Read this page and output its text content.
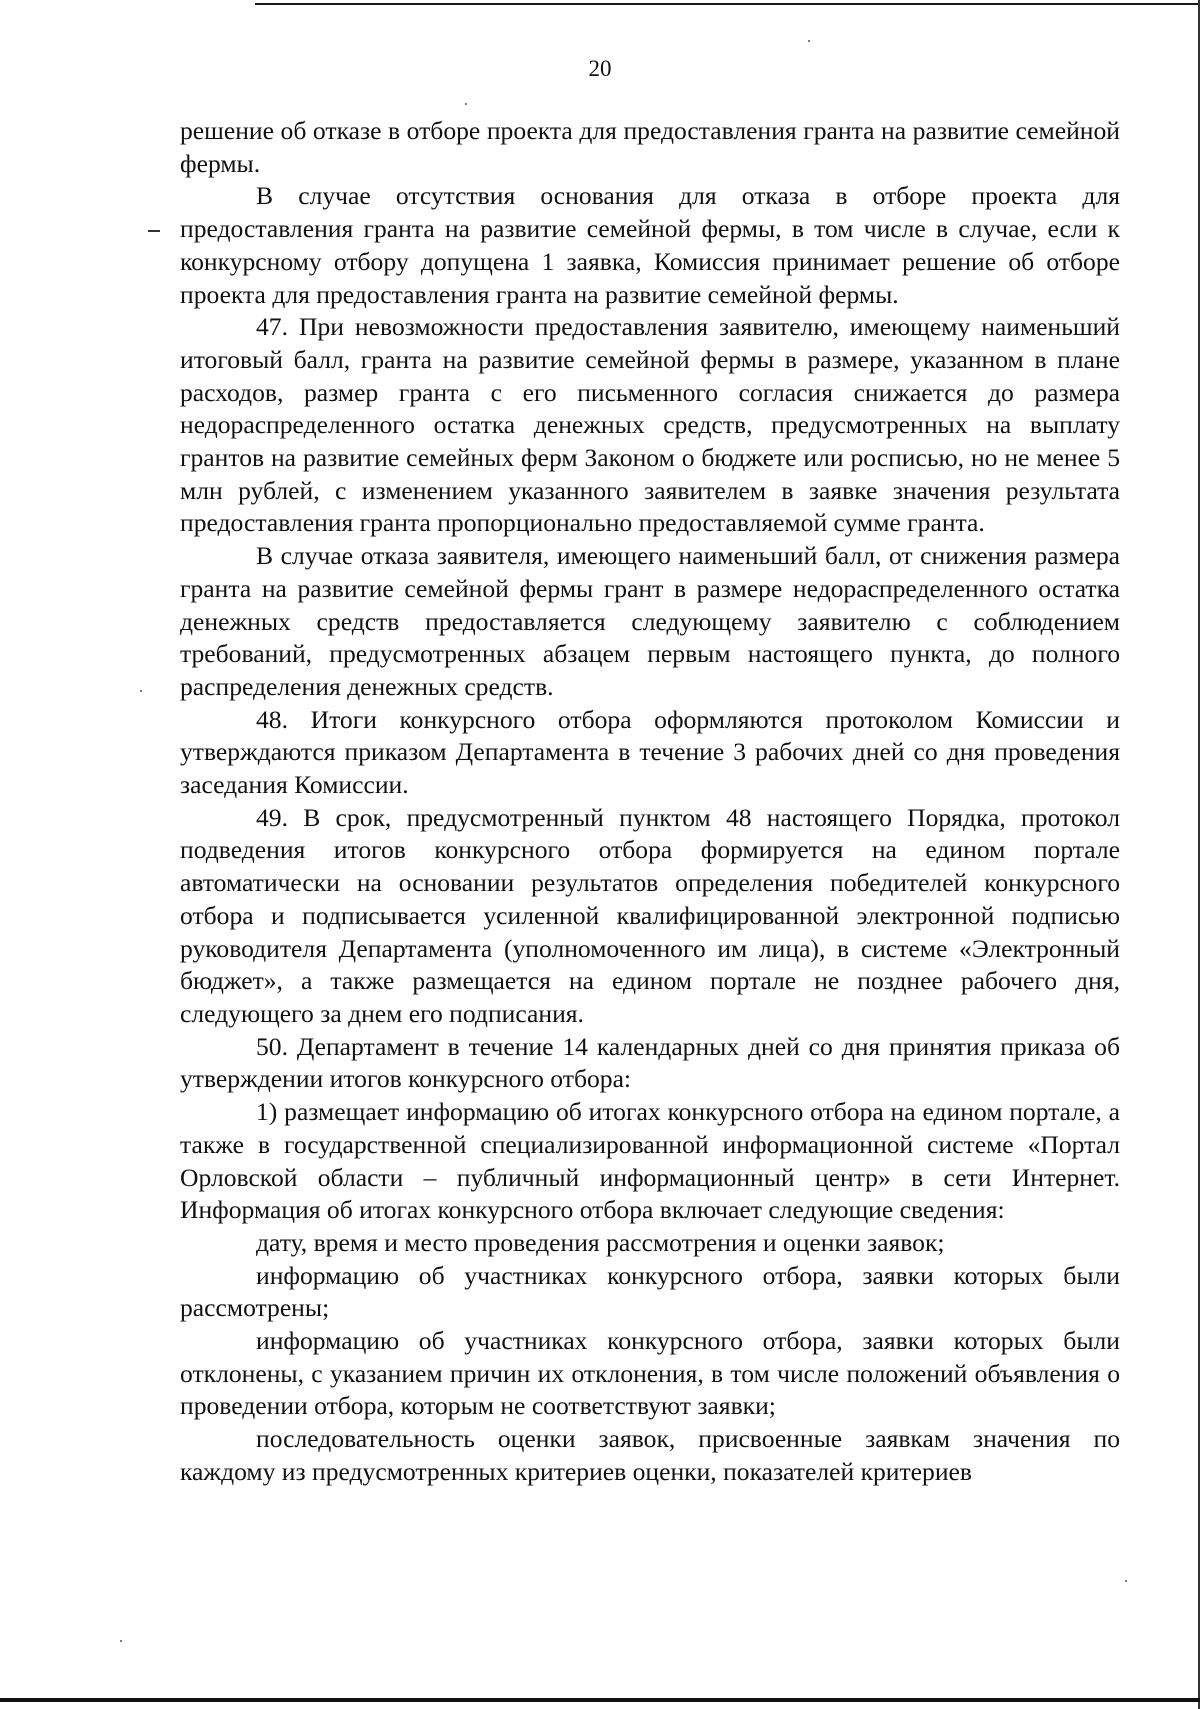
20

решение об отказе в отборе проекта для предоставления гранта на развитие семейной фермы.

В случае отсутствия основания для отказа в отборе проекта для предоставления гранта на развитие семейной фермы, в том числе в случае, если к конкурсному отбору допущена 1 заявка, Комиссия принимает решение об отборе проекта для предоставления гранта на развитие семейной фермы.

47. При невозможности предоставления заявителю, имеющему наименьший итоговый балл, гранта на развитие семейной фермы в размере, указанном в плане расходов, размер гранта с его письменного согласия снижается до размера недораспределенного остатка денежных средств, предусмотренных на выплату грантов на развитие семейных ферм Законом о бюджете или росписью, но не менее 5 млн рублей, с изменением указанного заявителем в заявке значения результата предоставления гранта пропорционально предоставляемой сумме гранта.

В случае отказа заявителя, имеющего наименьший балл, от снижения размера гранта на развитие семейной фермы грант в размере недораспределенного остатка денежных средств предоставляется следующему заявителю с соблюдением требований, предусмотренных абзацем первым настоящего пункта, до полного распределения денежных средств.

48. Итоги конкурсного отбора оформляются протоколом Комиссии и утверждаются приказом Департамента в течение 3 рабочих дней со дня проведения заседания Комиссии.

49. В срок, предусмотренный пунктом 48 настоящего Порядка, протокол подведения итогов конкурсного отбора формируется на едином портале автоматически на основании результатов определения победителей конкурсного отбора и подписывается усиленной квалифицированной электронной подписью руководителя Департамента (уполномоченного им лица), в системе «Электронный бюджет», а также размещается на едином портале не позднее рабочего дня, следующего за днем его подписания.

50. Департамент в течение 14 календарных дней со дня принятия приказа об утверждении итогов конкурсного отбора:

1) размещает информацию об итогах конкурсного отбора на едином портале, а также в государственной специализированной информационной системе «Портал Орловской области – публичный информационный центр» в сети Интернет. Информация об итогах конкурсного отбора включает следующие сведения:

дату, время и место проведения рассмотрения и оценки заявок;

информацию об участниках конкурсного отбора, заявки которых были рассмотрены;

информацию об участниках конкурсного отбора, заявки которых были отклонены, с указанием причин их отклонения, в том числе положений объявления о проведении отбора, которым не соответствуют заявки;

последовательность оценки заявок, присвоенные заявкам значения по каждому из предусмотренных критериев оценки, показателей критериев
